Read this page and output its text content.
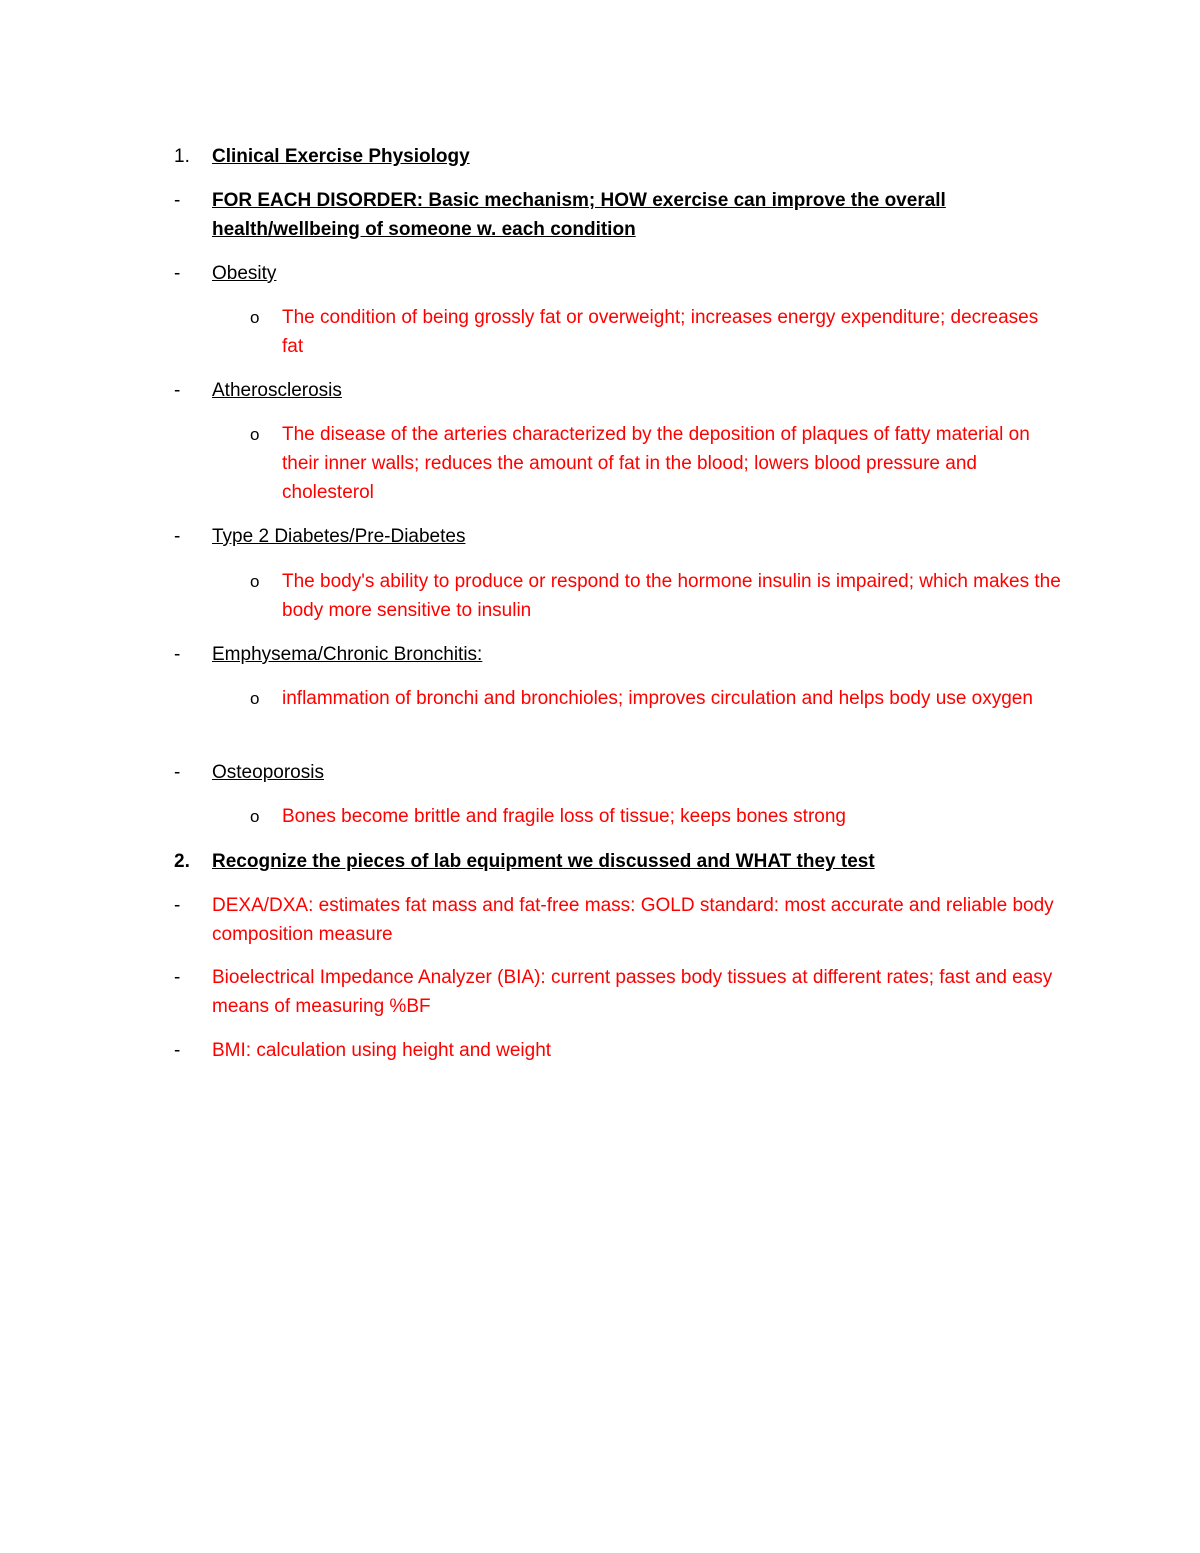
1.	Clinical Exercise Physiology
-	FOR EACH DISORDER: Basic mechanism; HOW exercise can improve the overall health/wellbeing of someone w. each condition
-	Obesity
o	The condition of being grossly fat or overweight; increases energy expenditure; decreases fat
-	Atherosclerosis
o	The disease of the arteries characterized by the deposition of plaques of fatty material on their inner walls; reduces the amount of fat in the blood; lowers blood pressure and cholesterol
-	Type 2 Diabetes/Pre-Diabetes
o	The body's ability to produce or respond to the hormone insulin is impaired; which makes the body more sensitive to insulin
-	Emphysema/Chronic Bronchitis:
o	inflammation of bronchi and bronchioles; improves circulation and helps body use oxygen
-	Osteoporosis
o	Bones become brittle and fragile loss of tissue; keeps bones strong
2.	Recognize the pieces of lab equipment we discussed and WHAT they test
-	DEXA/DXA: estimates fat mass and fat-free mass: GOLD standard: most accurate and reliable body composition measure
-	Bioelectrical Impedance Analyzer (BIA): current passes body tissues at different rates; fast and easy means of measuring %BF
-	BMI: calculation using height and weight
